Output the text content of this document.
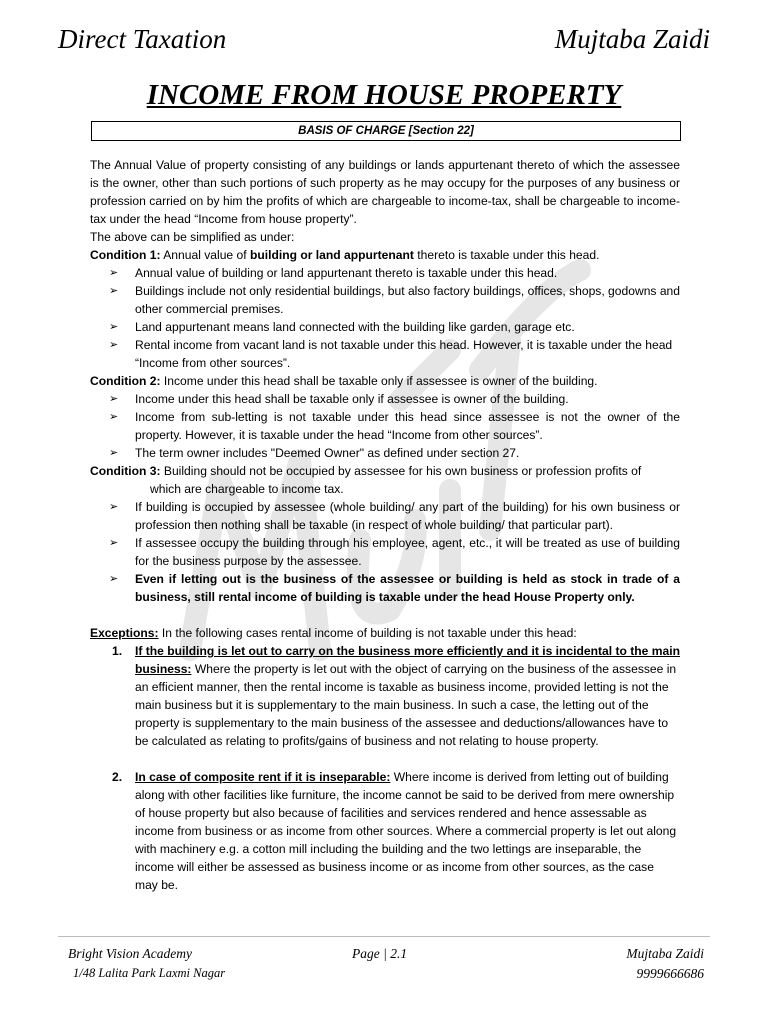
Direct Taxation	Mujtaba Zaidi
INCOME FROM HOUSE PROPERTY
BASIS OF CHARGE [Section 22]

The Annual Value of property consisting of any buildings or lands appurtenant thereto of which the assessee is the owner, other than such portions of such property as he may occupy for the purposes of any business or profession carried on by him the profits of which are chargeable to income-tax, shall be chargeable to income-tax under the head “Income from house property”.

The above can be simplified as under:

Condition 1: Annual value of building or land appurtenant thereto is taxable under this head.

➢	Annual value of building or land appurtenant thereto is taxable under this head.
➢	Buildings include not only residential buildings, but also factory buildings, offices, shops, godowns and other commercial premises.
➢	Land appurtenant means land connected with the building like garden, garage etc.
➢	Rental income from vacant land is not taxable under this head. However, it is taxable under the head “Income from other sources”.

Condition 2: Income under this head shall be taxable only if assessee is owner of the building.

➢	Income under this head shall be taxable only if assessee is owner of the building.
➢	Income from sub-letting is not taxable under this head since assessee is not the owner of the property. However, it is taxable under the head “Income from other sources”.
➢	The term owner includes "Deemed Owner" as defined under section 27.

Condition 3: Building should not be occupied by assessee for his own business or profession profits of

which are chargeable to income tax.

➢	If building is occupied by assessee (whole building/ any part of the building) for his own business or profession then nothing shall be taxable (in respect of whole building/ that particular part).
➢	If assessee occupy the building through his employee, agent, etc., it will be treated as use of building for the business purpose by the assessee.
➢	Even if letting out is the business of the assessee or building is held as stock in trade of a business, still rental income of building is taxable under the head House Property only.

Exceptions: In the following cases rental income of building is not taxable under this head:

1.	If the building is let out to carry on the business more efficiently and it is incidental to the main business: Where the property is let out with the object of carrying on the business of the assessee in an efficient manner, then the rental income is taxable as business income, provided letting is not the main business but it is supplementary to the main business. In such a case, the letting out of the property is supplementary to the main business of the assessee and deductions/allowances have to be calculated as relating to profits/gains of business and not relating to house property.
2.	In case of composite rent if it is inseparable: Where income is derived from letting out of building along with other facilities like furniture, the income cannot be said to be derived from mere ownership of house property but also because of facilities and services rendered and hence assessable as income from business or as income from other sources. Where a commercial property is let out along with machinery e.g. a cotton mill including the building and the two lettings are inseparable, the income will either be assessed as business income or as income from other sources, as the case may be.
Bright Vision Academy
1/48 Lalita Park Laxmi Nagar
Page | 2.1	Mujtaba Zaidi
9999666686
